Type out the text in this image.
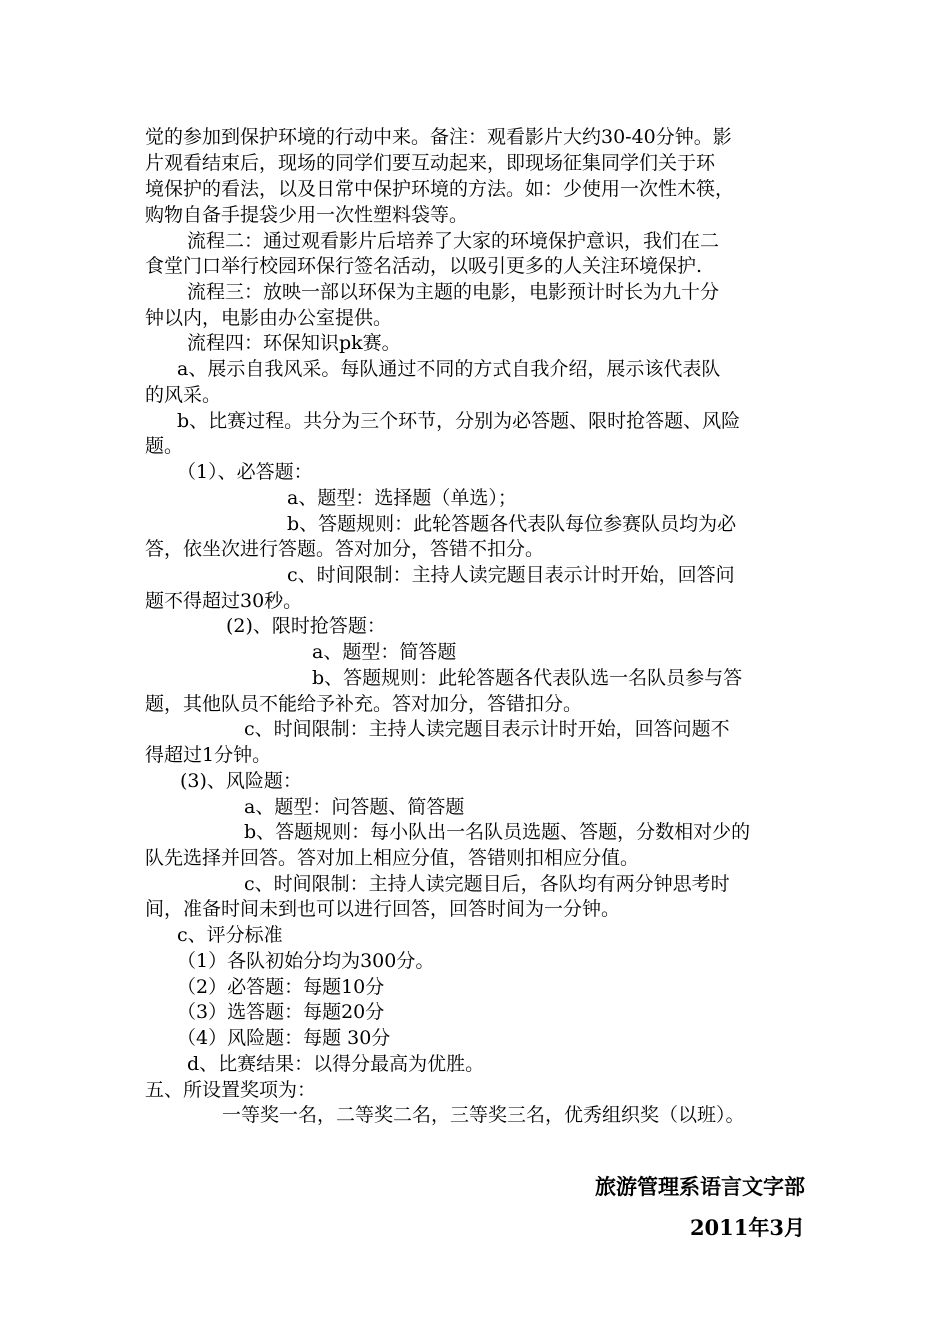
觉的参加到保护环境的行动中来。备注：观看影片大约30-40分钟。影
片观看结束后，现场的同学们要互动起来，即现场征集同学们关于环
境保护的看法，以及日常中保护环境的方法。如：少使用一次性木筷，
购物自备手提袋少用一次性塑料袋等。
流程二：通过观看影片后培养了大家的环境保护意识，我们在二
食堂门口举行校园环保行签名活动，以吸引更多的人关注环境保护.
流程三：放映一部以环保为主题的电影，电影预计时长为九十分
钟以内，电影由办公室提供。
流程四：环保知识pk赛。
a、展示自我风采。每队通过不同的方式自我介绍，展示该代表队
的风采。
b、比赛过程。共分为三个环节，分别为必答题、限时抢答题、风险
题。
（1）、必答题：
a、题型：选择题（单选）；
b、答题规则：此轮答题各代表队每位参赛队员均为必
答，依坐次进行答题。答对加分，答错不扣分。
c、时间限制：主持人读完题目表示计时开始，回答问
题不得超过30秒。
(2)、限时抢答题：
a、题型：简答题
b、答题规则：此轮答题各代表队选一名队员参与答
题，其他队员不能给予补充。答对加分，答错扣分。
c、时间限制：主持人读完题目表示计时开始，回答问题不
得超过1分钟。
(3)、风险题：
a、题型：问答题、简答题
b、答题规则：每小队出一名队员选题、答题，分数相对少的
队先选择并回答。答对加上相应分值，答错则扣相应分值。
c、时间限制：主持人读完题目后，各队均有两分钟思考时
间，准备时间未到也可以进行回答，回答时间为一分钟。
c、评分标准
（1）各队初始分均为300分。
（2）必答题：每题10分
（3）选答题：每题20分
（4）风险题：每题 30分
d、比赛结果：以得分最高为优胜。
五、所设置奖项为：
一等奖一名，二等奖二名，三等奖三名，优秀组织奖（以班）。
旅游管理系语言文字部
2011年3月
